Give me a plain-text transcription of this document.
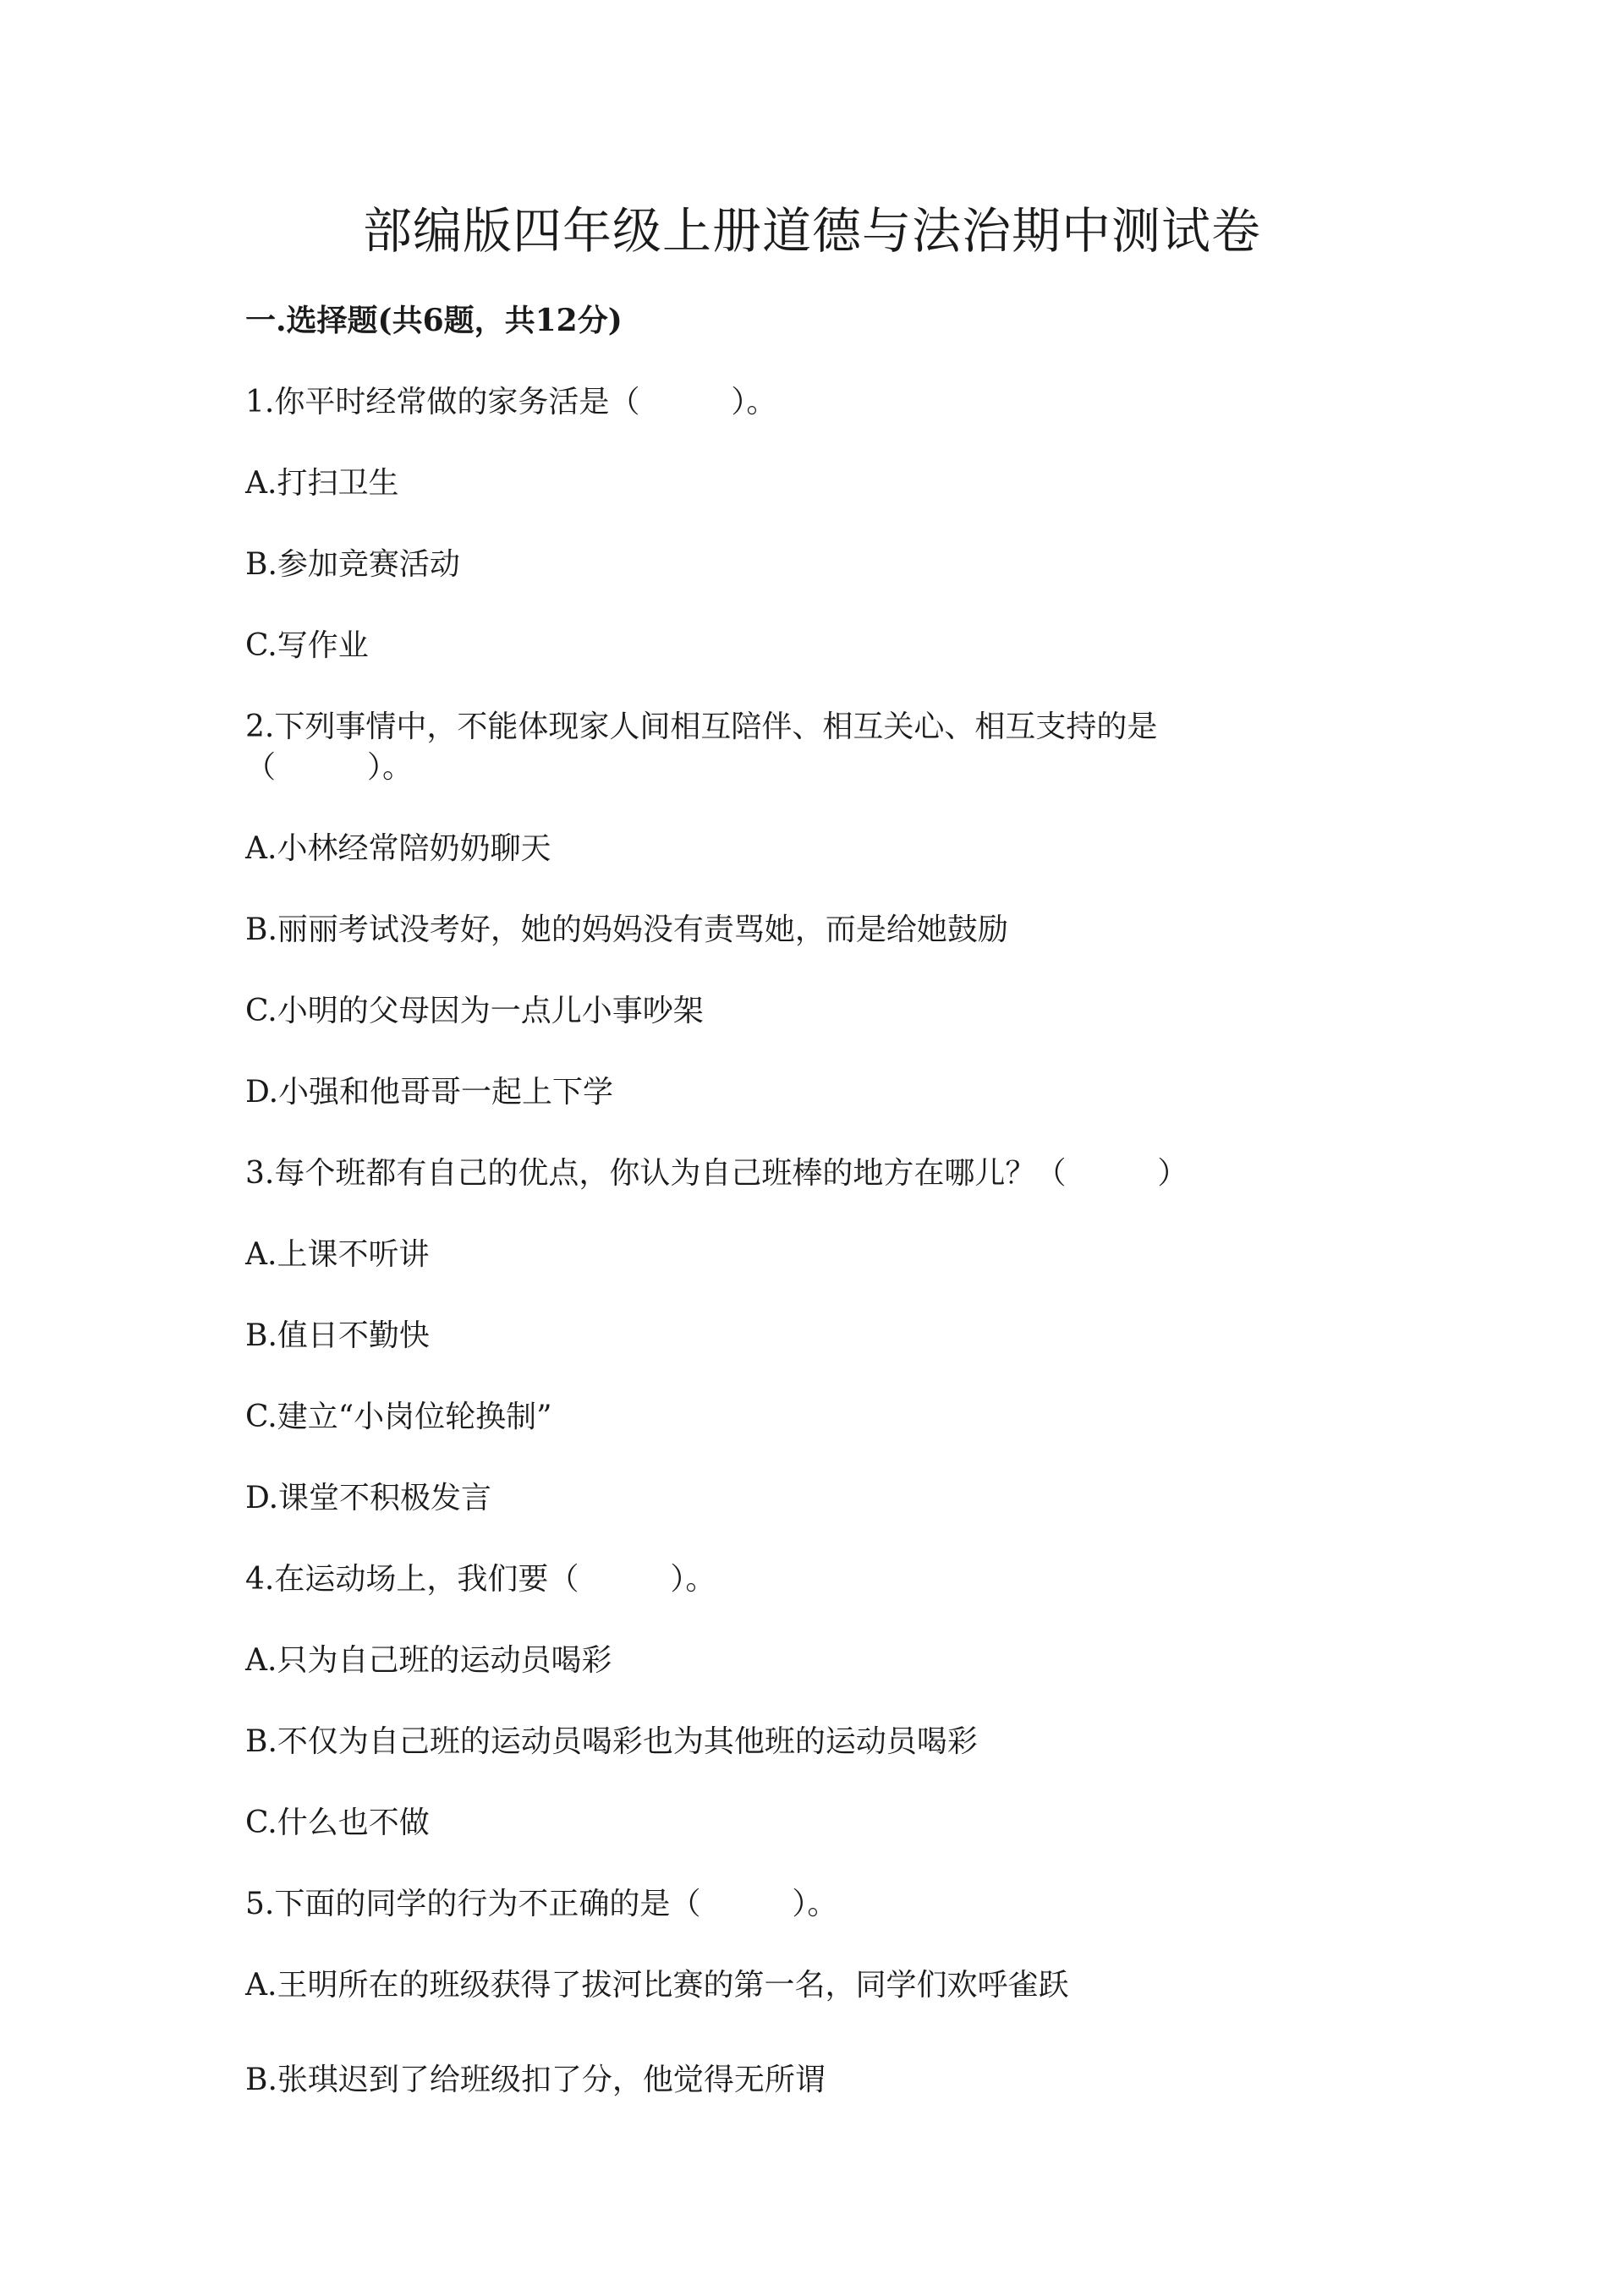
部编版四年级上册道德与法治期中测试卷
一.选择题(共6题，共12分)
1.你平时经常做的家务活是（　　　）。
A.打扫卫生
B.参加竞赛活动
C.写作业
2.下列事情中，不能体现家人间相互陪伴、相互关心、相互支持的是
（　　　）。
A.小林经常陪奶奶聊天
B.丽丽考试没考好，她的妈妈没有责骂她，而是给她鼓励
C.小明的父母因为一点儿小事吵架
D.小强和他哥哥一起上下学
3.每个班都有自己的优点，你认为自己班棒的地方在哪儿？（　　　）
A.上课不听讲
B.值日不勤快
C.建立“小岗位轮换制”
D.课堂不积极发言
4.在运动场上，我们要（　　　）。
A.只为自己班的运动员喝彩
B.不仅为自己班的运动员喝彩也为其他班的运动员喝彩
C.什么也不做
5.下面的同学的行为不正确的是（　　　）。
A.王明所在的班级获得了拔河比赛的第一名，同学们欢呼雀跃
B.张琪迟到了给班级扣了分，他觉得无所谓
